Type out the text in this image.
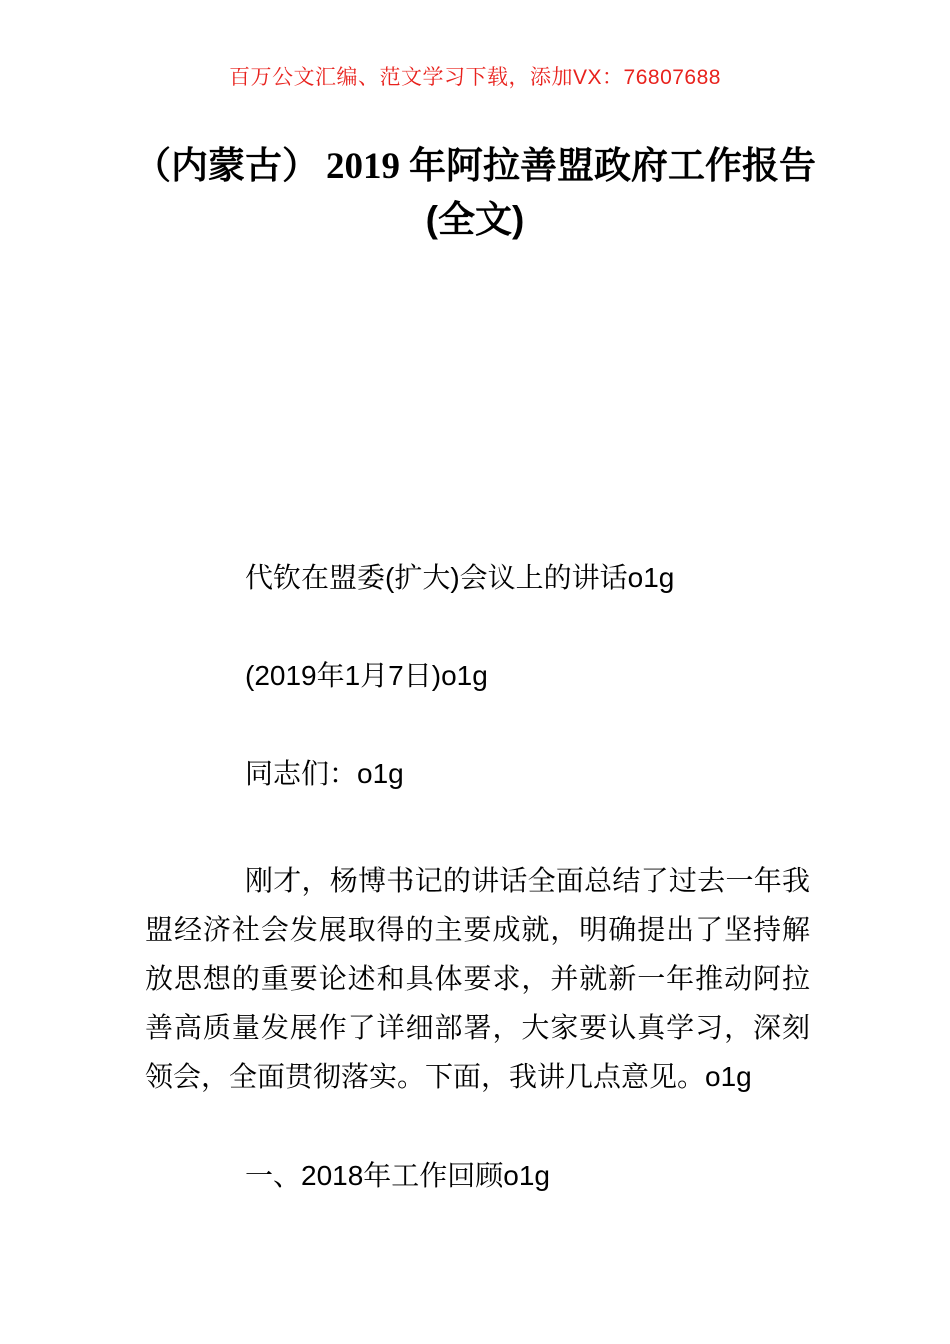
百万公文汇编、范文学习下载，添加VX：76807688
（内蒙古） 2019 年阿拉善盟政府工作报告
(全文)

代钦在盟委(扩大)会议上的讲话o1g

(2019年1月7日)o1g

同志们：o1g

刚才，杨博书记的讲话全面总结了过去一年我盟经济社会发展取得的主要成就，明确提出了坚持解放思想的重要论述和具体要求，并就新一年推动阿拉善高质量发展作了详细部署，大家要认真学习，深刻领会，全面贯彻落实。下面，我讲几点意见。o1g

一、2018年工作回顾o1g
